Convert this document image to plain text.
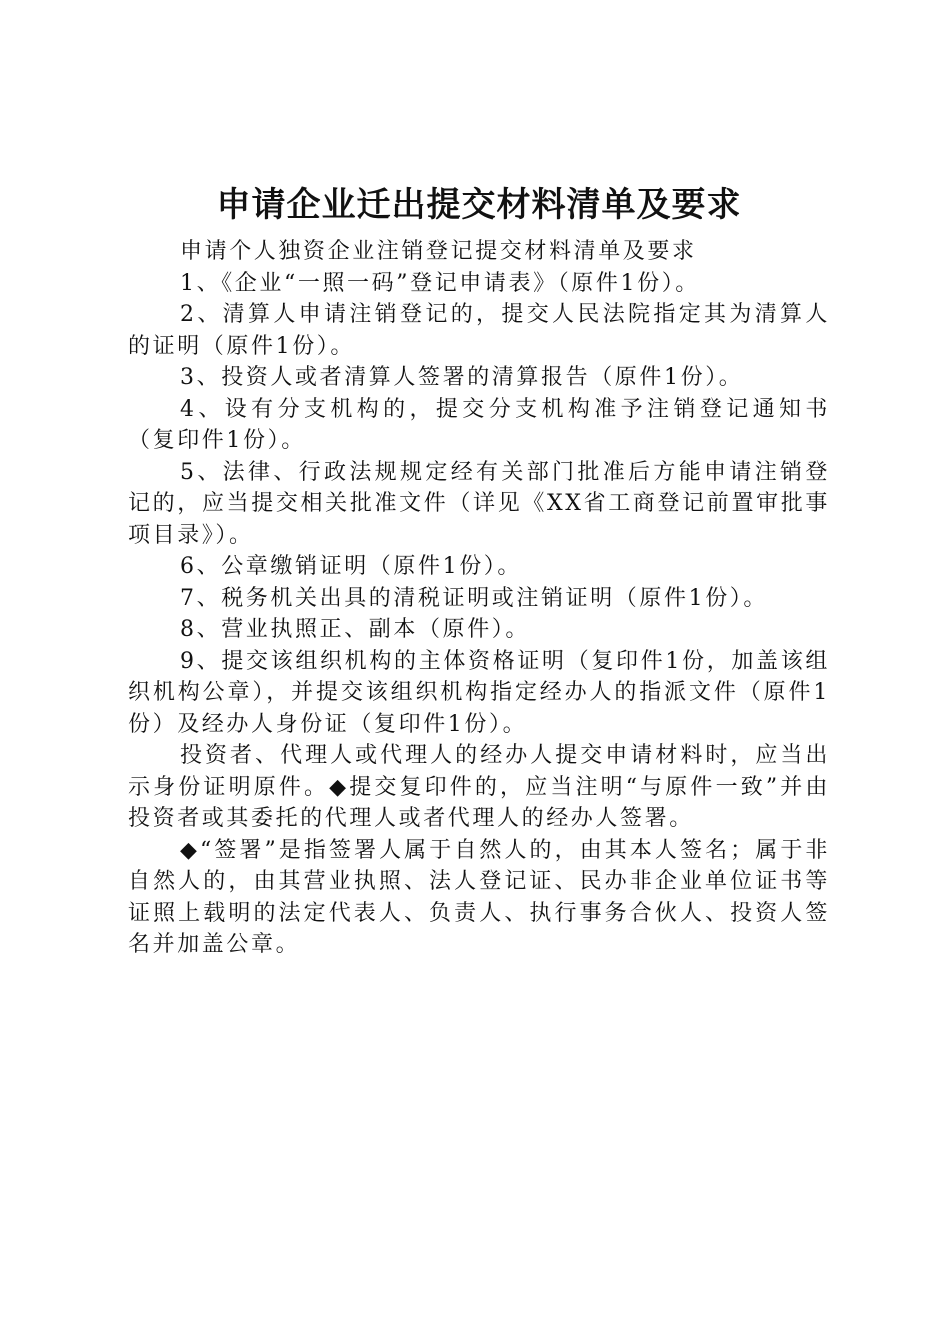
申请企业迁出提交材料清单及要求

申请个人独资企业注销登记提交材料清单及要求

1、《企业“一照一码”登记申请表》（原件1份）。

2、清算人申请注销登记的，提交人民法院指定其为清算人的证明（原件1份）。

3、投资人或者清算人签署的清算报告（原件1份）。

4、设有分支机构的，提交分支机构准予注销登记通知书（复印件1份）。

5、法律、行政法规规定经有关部门批准后方能申请注销登记的，应当提交相关批准文件（详见《XX省工商登记前置审批事项目录》）。

6、公章缴销证明（原件1份）。

7、税务机关出具的清税证明或注销证明（原件1份）。

8、营业执照正、副本（原件）。

9、提交该组织机构的主体资格证明（复印件1份，加盖该组织机构公章），并提交该组织机构指定经办人的指派文件（原件1份）及经办人身份证（复印件1份）。

投资者、代理人或代理人的经办人提交申请材料时，应当出示身份证明原件。◆提交复印件的，应当注明“与原件一致”并由投资者或其委托的代理人或者代理人的经办人签署。

◆“签署”是指签署人属于自然人的，由其本人签名；属于非自然人的，由其营业执照、法人登记证、民办非企业单位证书等证照上载明的法定代表人、负责人、执行事务合伙人、投资人签名并加盖公章。
